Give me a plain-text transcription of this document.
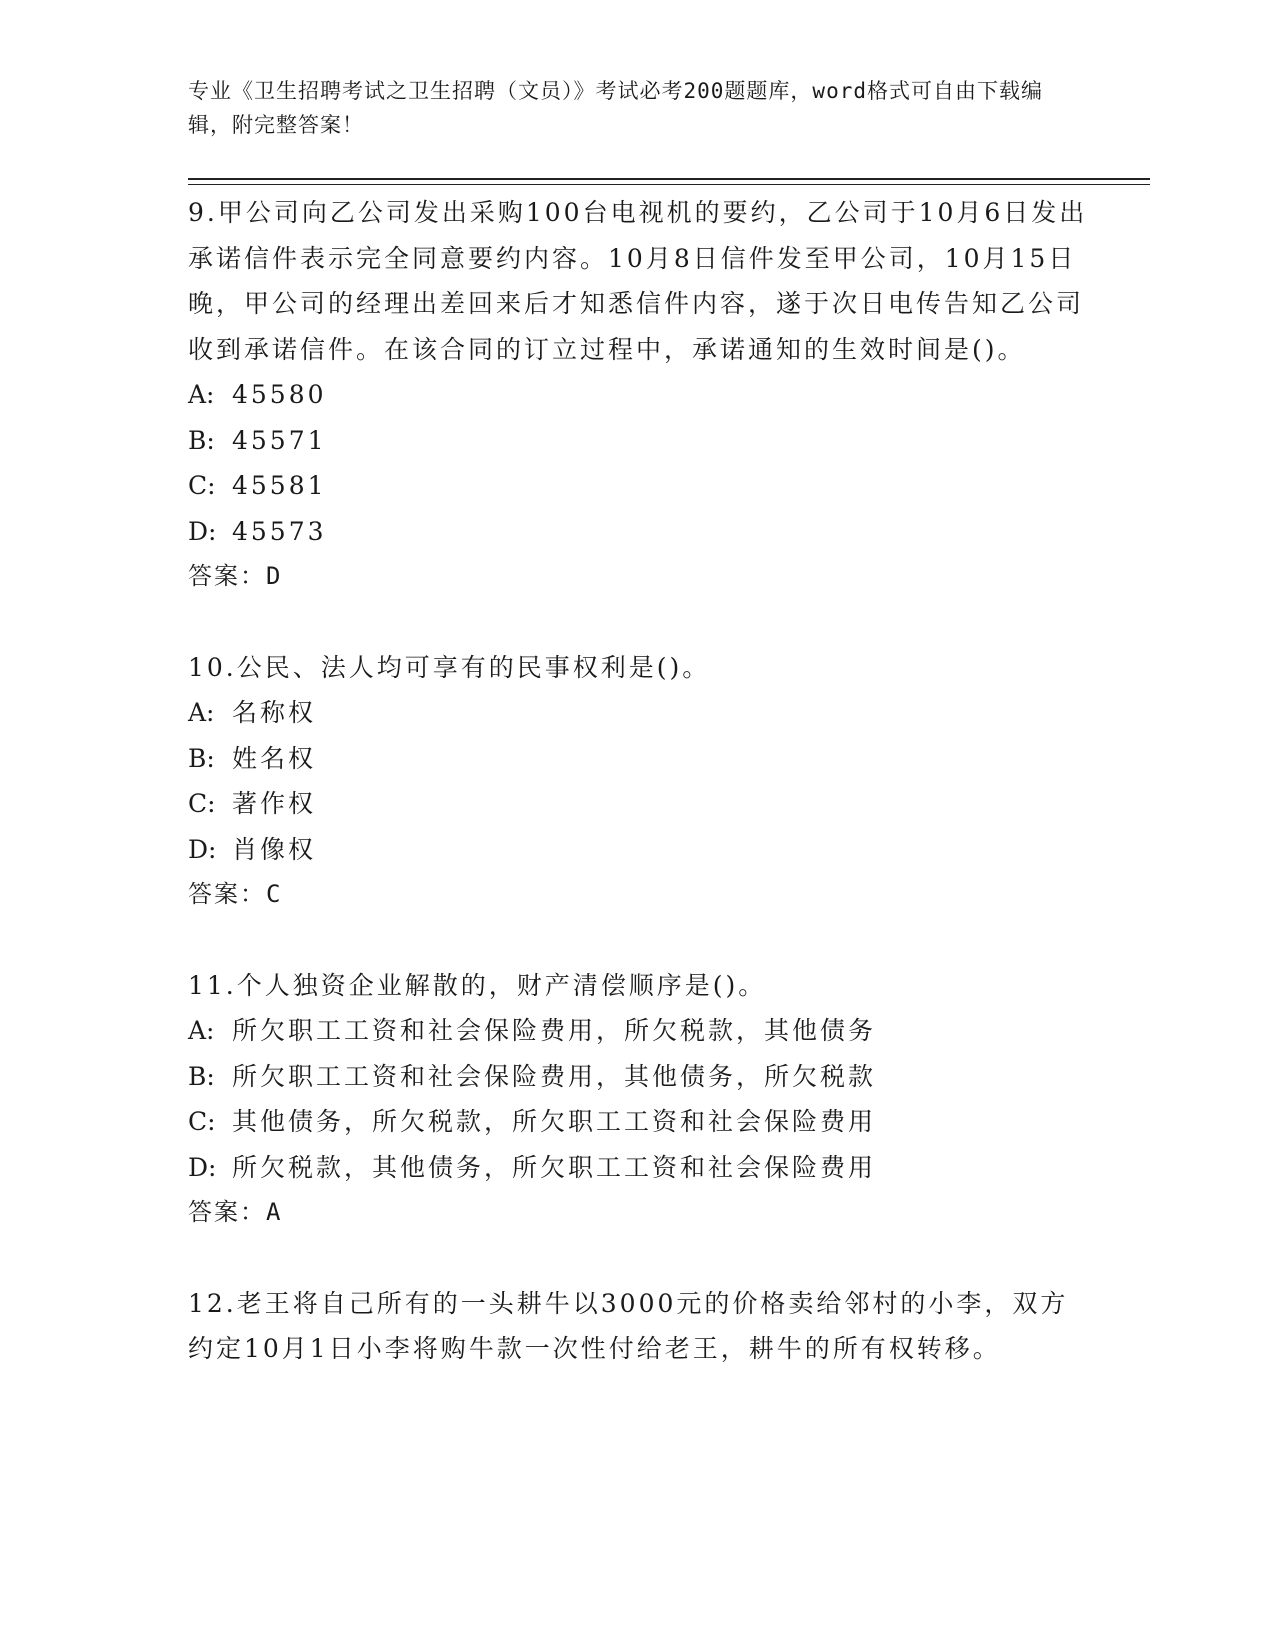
专业《卫生招聘考试之卫生招聘（文员）》考试必考200题题库，word格式可自由下载编辑，附完整答案！

9.甲公司向乙公司发出采购100台电视机的要约，乙公司于10月6日发出承诺信件表示完全同意要约内容。10月8日信件发至甲公司，10月15日晚，甲公司的经理出差回来后才知悉信件内容，遂于次日电传告知乙公司收到承诺信件。在该合同的订立过程中，承诺通知的生效时间是()。

A: 45580

B: 45571

C: 45581

D: 45573

答案：D

10.公民、法人均可享有的民事权利是()。

A: 名称权

B: 姓名权

C: 著作权

D: 肖像权

答案：C

11.个人独资企业解散的，财产清偿顺序是()。

A: 所欠职工工资和社会保险费用，所欠税款，其他债务

B: 所欠职工工资和社会保险费用，其他债务，所欠税款

C: 其他债务，所欠税款，所欠职工工资和社会保险费用

D: 所欠税款，其他债务，所欠职工工资和社会保险费用

答案：A

12.老王将自己所有的一头耕牛以3000元的价格卖给邻村的小李，双方约定10月1日小李将购牛款一次性付给老王，耕牛的所有权转移。
